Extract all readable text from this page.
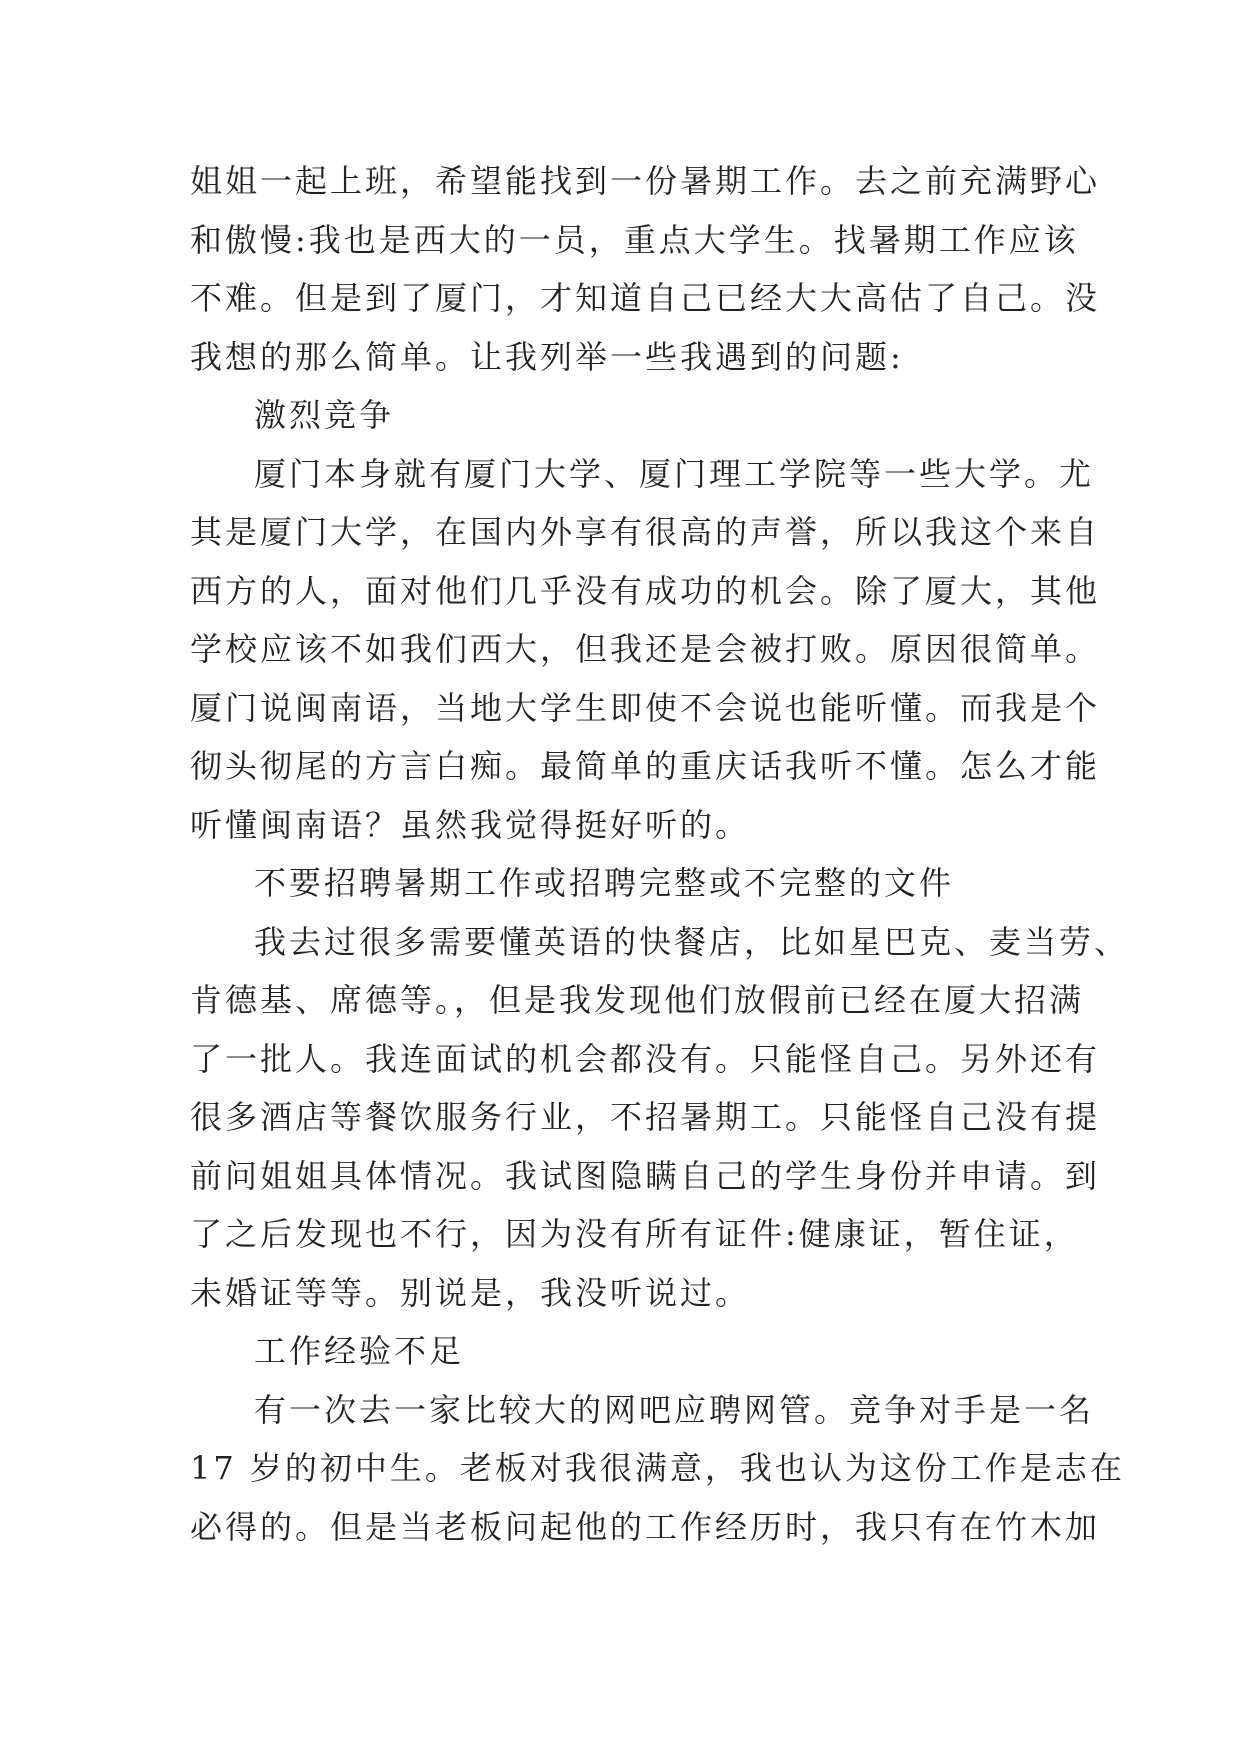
姐姐一起上班，希望能找到一份暑期工作。去之前充满野心
和傲慢:我也是西大的一员，重点大学生。找暑期工作应该
不难。但是到了厦门，才知道自己已经大大高估了自己。没
我想的那么简单。让我列举一些我遇到的问题:
激烈竞争
厦门本身就有厦门大学、厦门理工学院等一些大学。尤
其是厦门大学，在国内外享有很高的声誉，所以我这个来自
西方的人，面对他们几乎没有成功的机会。除了厦大，其他
学校应该不如我们西大，但我还是会被打败。原因很简单。
厦门说闽南语，当地大学生即使不会说也能听懂。而我是个
彻头彻尾的方言白痴。最简单的重庆话我听不懂。怎么才能
听懂闽南语？虽然我觉得挺好听的。
不要招聘暑期工作或招聘完整或不完整的文件
我去过很多需要懂英语的快餐店，比如星巴克、麦当劳、
肯德基、席德等。，但是我发现他们放假前已经在厦大招满
了一批人。我连面试的机会都没有。只能怪自己。另外还有
很多酒店等餐饮服务行业，不招暑期工。只能怪自己没有提
前问姐姐具体情况。我试图隐瞒自己的学生身份并申请。到
了之后发现也不行，因为没有所有证件:健康证，暂住证，
未婚证等等。别说是，我没听说过。
工作经验不足
有一次去一家比较大的网吧应聘网管。竞争对手是一名
17 岁的初中生。老板对我很满意，我也认为这份工作是志在
必得的。但是当老板问起他的工作经历时，我只有在竹木加
